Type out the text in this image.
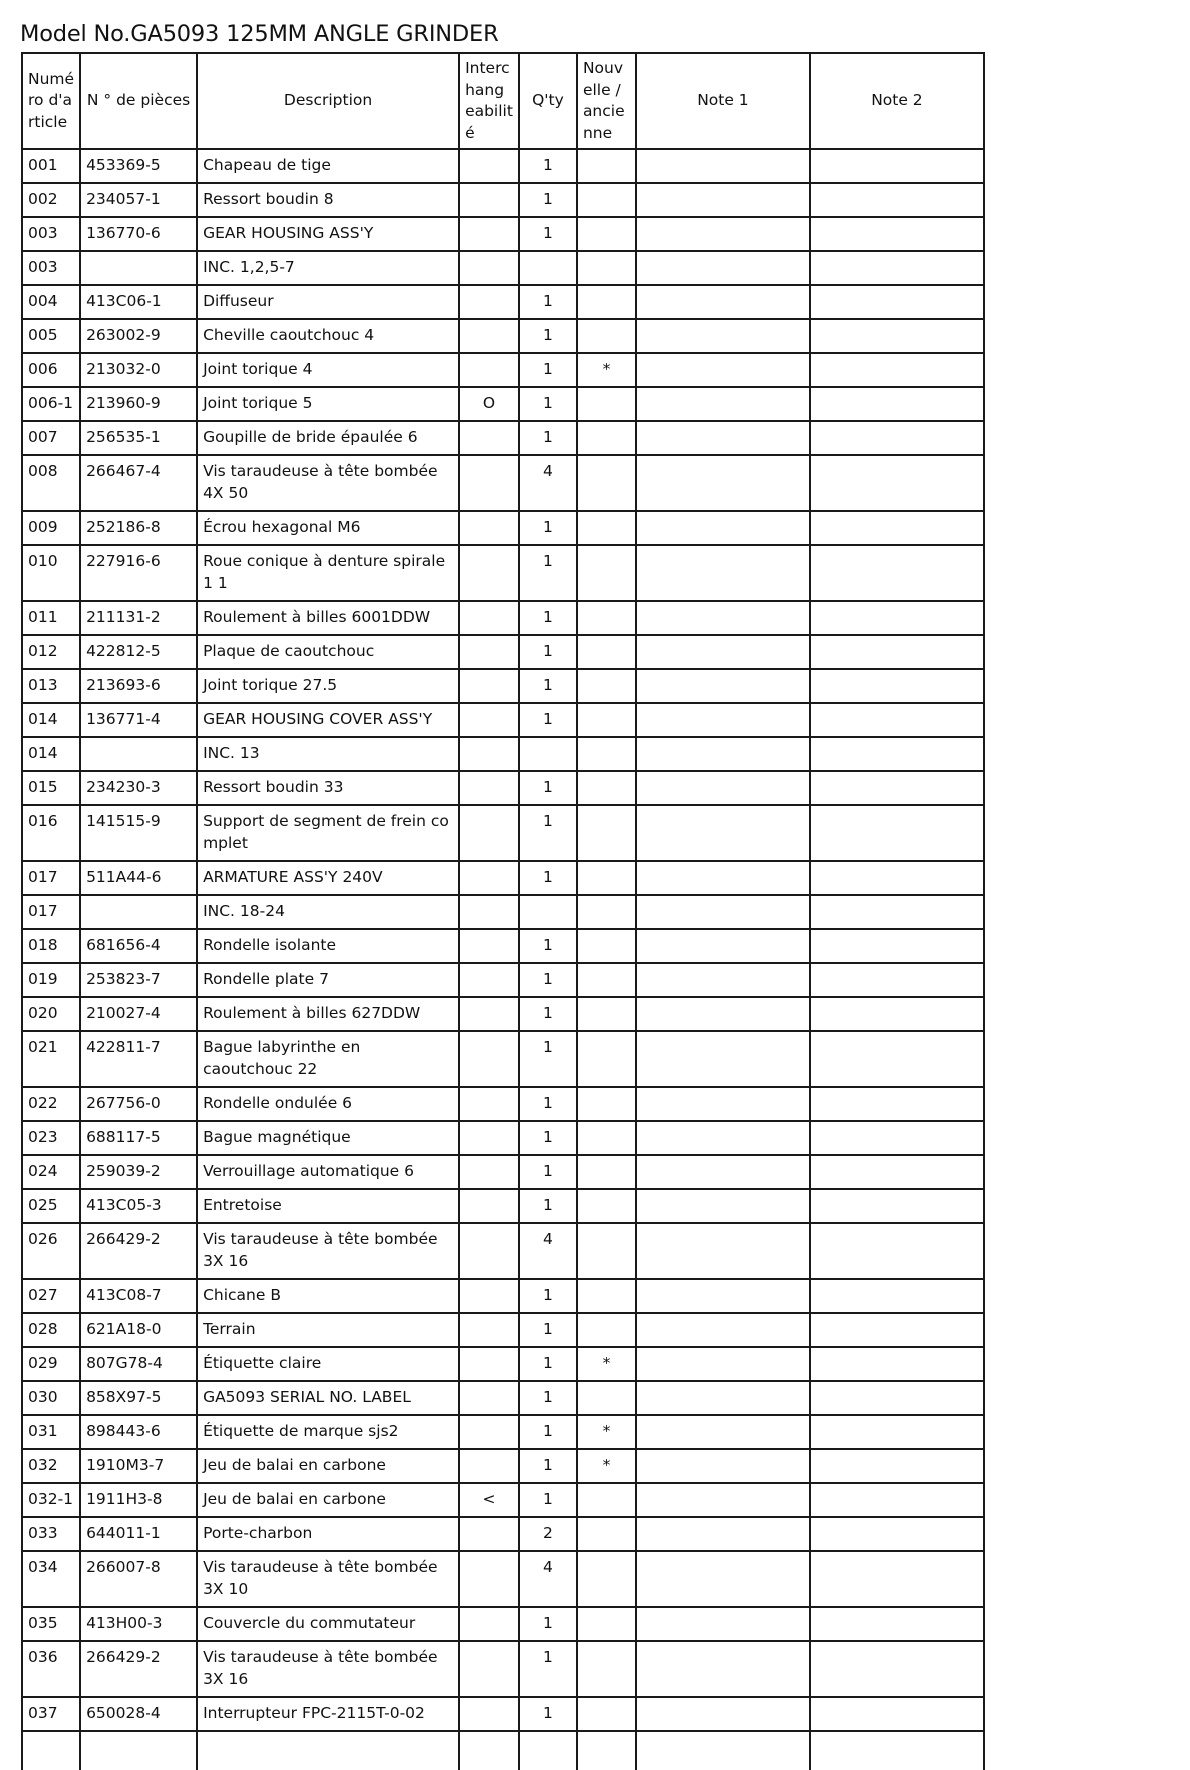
Model No.GA5093 125MM ANGLE GRINDER
Numé ro d'a rticle	N ° de pièces	Description	Interc hang eabilit é	Q'ty	Nouv elle / ancie nne	Note 1	Note 2
001	453369-5	Chapeau de tige		1			
002	234057-1	Ressort boudin 8		1			
003	136770-6	GEAR HOUSING ASS'Y		1			
003		INC. 1,2,5-7					
004	413C06-1	Diffuseur		1			
005	263002-9	Cheville caoutchouc 4		1			
006	213032-0	Joint torique 4		1	*		
006-1	213960-9	Joint torique 5	O	1			
007	256535-1	Goupille de bride épaulée 6		1			
008	266467-4	Vis taraudeuse à tête bombée 4X 50		4			
009	252186-8	Écrou hexagonal M6		1			
010	227916-6	Roue conique à denture spirale 1 1		1			
011	211131-2	Roulement à billes 6001DDW		1			
012	422812-5	Plaque de caoutchouc		1			
013	213693-6	Joint torique 27.5		1			
014	136771-4	GEAR HOUSING COVER ASS'Y		1			
014		INC. 13					
015	234230-3	Ressort boudin 33		1			
016	141515-9	Support de segment de frein co mplet		1			
017	511A44-6	ARMATURE ASS'Y 240V		1			
017		INC. 18-24					
018	681656-4	Rondelle isolante		1			
019	253823-7	Rondelle plate 7		1			
020	210027-4	Roulement à billes 627DDW		1			
021	422811-7	Bague labyrinthe en caoutchouc 22		1			
022	267756-0	Rondelle ondulée 6		1			
023	688117-5	Bague magnétique		1			
024	259039-2	Verrouillage automatique 6		1			
025	413C05-3	Entretoise		1			
026	266429-2	Vis taraudeuse à tête bombée 3X 16		4			
027	413C08-7	Chicane B		1			
028	621A18-0	Terrain		1			
029	807G78-4	Étiquette claire		1	*		
030	858X97-5	GA5093 SERIAL NO. LABEL		1			
031	898443-6	Étiquette de marque sjs2		1	*		
032	1910M3-7	Jeu de balai en carbone		1	*		
032-1	1911H3-8	Jeu de balai en carbone	<	1			
033	644011-1	Porte-charbon		2			
034	266007-8	Vis taraudeuse à tête bombée 3X 10		4			
035	413H00-3	Couvercle du commutateur		1			
036	266429-2	Vis taraudeuse à tête bombée 3X 16		1			
037	650028-4	Interrupteur FPC-2115T-0-02		1			
